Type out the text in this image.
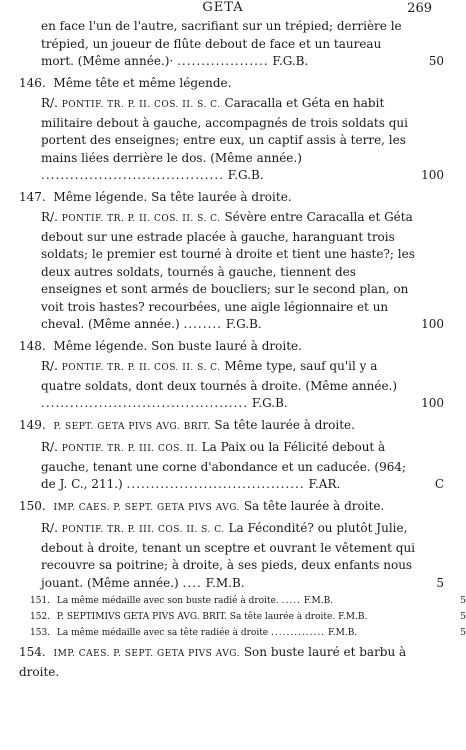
GETA	269

en face l'un de l'autre, sacrifiant sur un trépied; derrière le trépied, un joueur de flûte debout de face et un taureau mort. (Même année.)· ................... F.G.B.	50

146. Même tête et même légende.

R/. PONTIF. TR. P. II. COS. II. S. C. Caracalla et Géta en habit militaire debout à gauche, accompagnés de trois soldats qui portent des enseignes; entre eux, un captif assis à terre, les mains liées derrière le dos. (Même année.) ...................................... F.G.B.	100

147. Même légende. Sa tête laurée à droite.

R/. PONTIF. TR. P. II. COS. II. S. C. Sévère entre Caracalla et Géta debout sur une estrade placée à gauche, haranguant trois soldats; le premier est tourné à droite et tient une haste?; les deux autres soldats, tournés à gauche, tiennent des enseignes et sont armés de boucliers; sur le second plan, on voit trois hastes? recourbées, une aigle légionnaire et un cheval. (Même année.) ........ F.G.B.	100

148. Même légende. Son buste lauré à droite.

R/. PONTIF. TR. P. II. COS. II. S. C. Même type, sauf qu'il y a quatre soldats, dont deux tournés à droite. (Même année.) ........................................... F.G.B.	100

149. P. SEPT. GETA PIVS AVG. BRIT. Sa tête laurée à droite.

R/. PONTIF. TR. P. III. COS. II. La Paix ou la Félicité debout à gauche, tenant une corne d'abondance et un caducée. (964; de J. C., 211.) ..................................... F.AR.	C

150. IMP. CAES. P. SEPT. GETA PIVS AVG. Sa tête laurée à droite.

R/. PONTIF. TR. P. III. COS. II. S. C. La Fécondité? ou plutôt Julie, debout à droite, tenant un sceptre et ouvrant le vêtement qui recouvre sa poitrine; à droite, à ses pieds, deux enfants nous jouant. (Même année.) .... F.M.B.	5

151. La même médaille avec son buste radié à droite. ..... F.M.B.	5

152. P. SEPTIMIVS GETA PIVS AVG. BRIT. Sa tête laurée à droite. F.M.B.	5

153. La même médaille avec sa tête radiée à droite .............. F.M.B.	5

154. IMP. CAES. P. SEPT. GETA PIVS AVG. Son buste lauré et barbu à droite.
